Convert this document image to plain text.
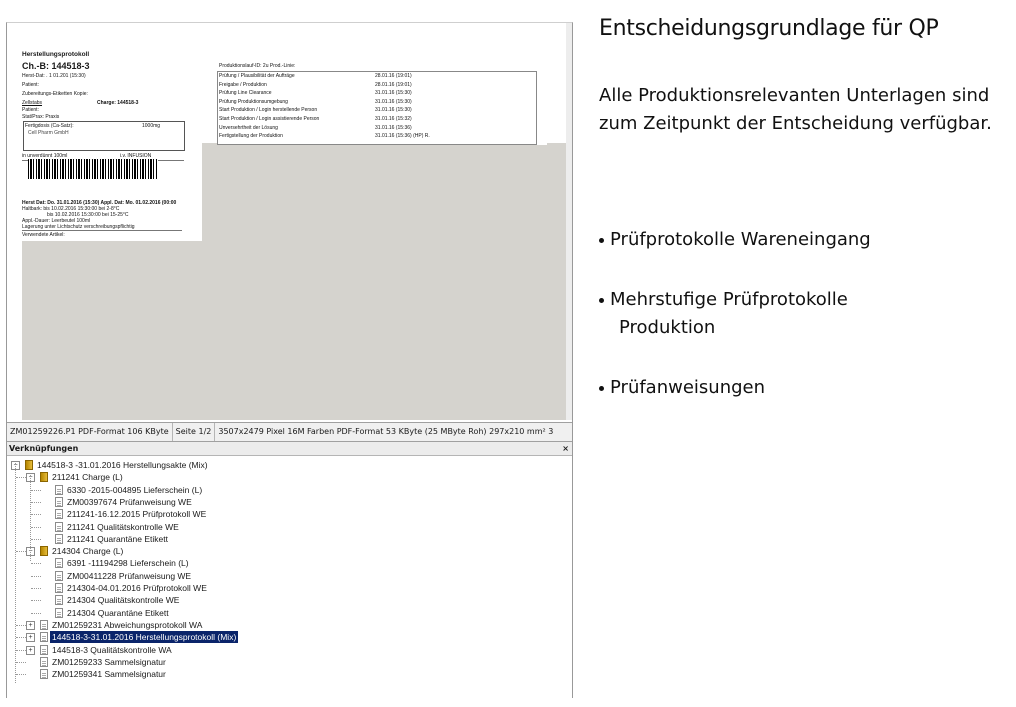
Herstellungsprotokoll
Ch.-B: 144518-3
Herst-Dat: . 1 01.201 (15:30)
Patient:
Zubereitungs-Etiketten Kopie:
Zellstabs	Charge: 144518-3
Patient:
Stat/Prax: Praxis
Fertigdosis (Ca-Satz):	1000mg
Cell Pharm GmbH
in unverdünnt 100ml	i.v. INFUSION
Herst Dat: Do. 31.01.2016 (15:30) Appl. Dat: Mo. 01.02.2016 (00:00
Haltbark: bis 10.02.2016 15:30:00 bei 2-8°C
bis 10.02.2016 15:30:00 bei 15-25°C
Appl.-Dauer: Leerbeutel 100ml
Lagerung unter Lichtschutz verschreibungspflichtig
Verwendete Artikel:
Produktionslauf-ID: 2u Prod.-Linie:
Prüfung / Plausibilität der Aufträge	28.01.16 (19:01)
Freigabe / Produktion	28.01.16 (19:01)
Prüfung Line Clearance	31.01.16 (15:30)
Prüfung Produktionsumgebung	31.01.16 (15:30)
Start Produktion / Login herstellende Person	31.01.16 (15:30)
Start Produktion / Login assistierende Person	31.01.16 (15:32)
Unversehrtheit der Lösung	31.01.16 (15:36)
Fertigstellung der Produktion	31.01.16 (15:36) (HP) R.
ZM01259226.P1 PDF-Format 106 KByte Seite 1/2 3507x2479 Pixel 16M Farben PDF-Format 53 KByte (25 MByte Roh) 297x210 mm² 3
Verknüpfungen	×
− 144518-3 -31.01.2016 Herstellungsakte (Mix)
− 211241 Charge (L)
6330 -2015-004895 Lieferschein (L)
ZM00397674 Prüfanweisung WE
211241-16.12.2015 Prüfprotokoll WE
211241 Qualitätskontrolle WE
211241 Quarantäne Etikett
− 214304 Charge (L)
6391 -11194298 Lieferschein (L)
ZM00411228 Prüfanweisung WE
214304-04.01.2016 Prüfprotokoll WE
214304 Qualitätskontrolle WE
214304 Quarantäne Etikett
+ ZM01259231 Abweichungsprotokoll WA
+ 144518-3-31.01.2016 Herstellungsprotokoll (Mix)
+ 144518-3 Qualitätskontrolle WA
ZM01259233 Sammelsignatur
ZM01259341 Sammelsignatur
Entscheidungsgrundlage für QP
Alle Produktionsrelevanten Unterlagen sind zum Zeitpunkt der Entscheidung verfügbar.
Prüfprotokolle Wareneingang
Mehrstufige Prüfprotokolle
Produktion
Prüfanweisungen
